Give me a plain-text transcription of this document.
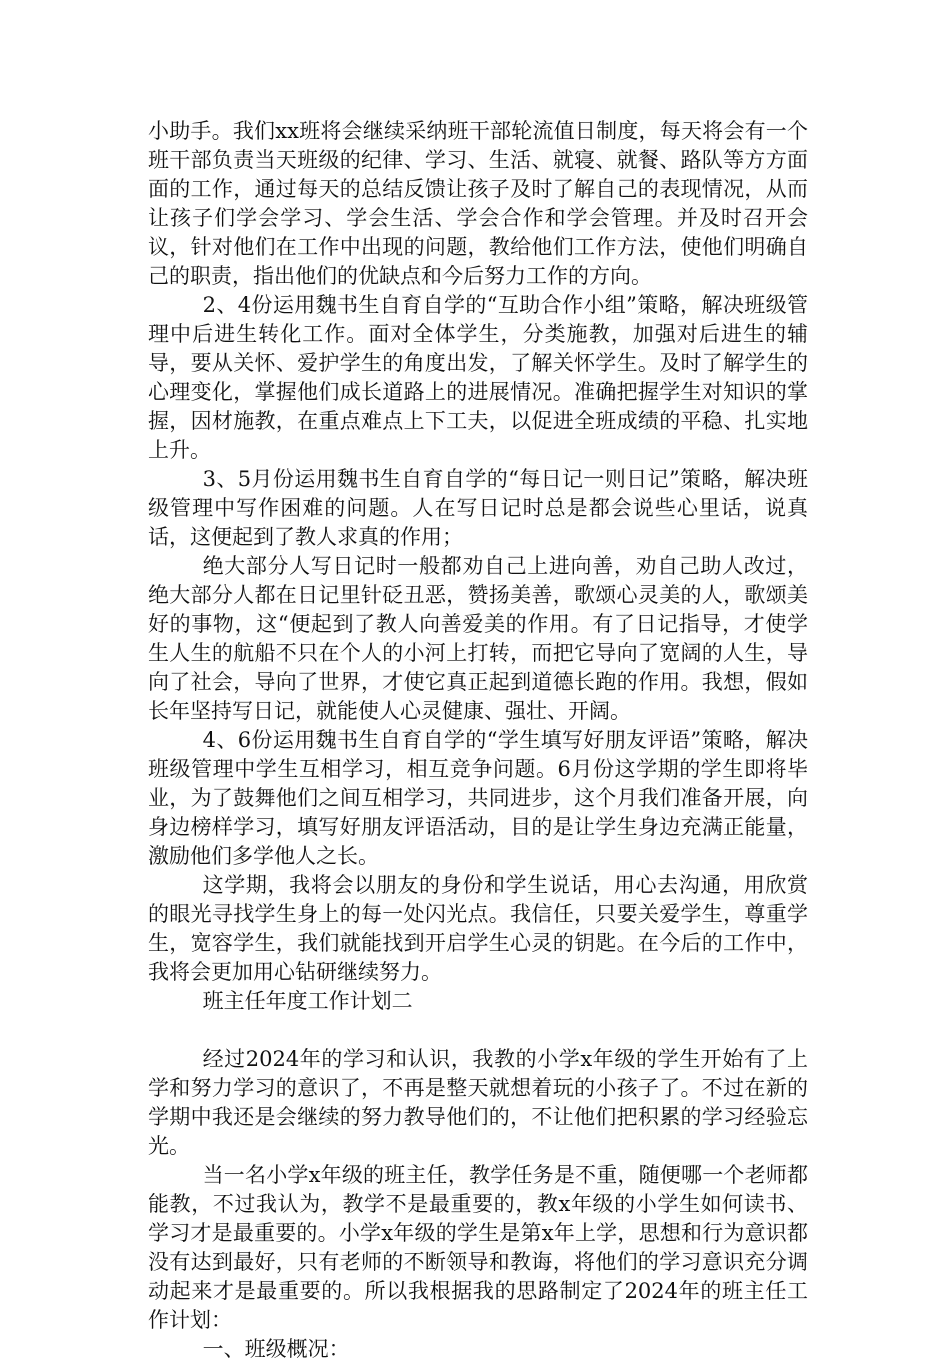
小助手。我们xx班将会继续采纳班干部轮流值日制度，每天将会有一个班干部负责当天班级的纪律、学习、生活、就寝、就餐、路队等方方面面的工作，通过每天的总结反馈让孩子及时了解自己的表现情况，从而让孩子们学会学习、学会生活、学会合作和学会管理。并及时召开会议，针对他们在工作中出现的问题，教给他们工作方法，使他们明确自己的职责，指出他们的优缺点和今后努力工作的方向。

2、4份运用魏书生自育自学的“互助合作小组”策略，解决班级管理中后进生转化工作。面对全体学生，分类施教，加强对后进生的辅导，要从关怀、爱护学生的角度出发，了解关怀学生。及时了解学生的心理变化，掌握他们成长道路上的进展情况。准确把握学生对知识的掌握，因材施教，在重点难点上下工夫，以促进全班成绩的平稳、扎实地上升。

3、5月份运用魏书生自育自学的“每日记一则日记”策略，解决班级管理中写作困难的问题。人在写日记时总是都会说些心里话，说真话，这便起到了教人求真的作用；

绝大部分人写日记时一般都劝自己上进向善，劝自己助人改过，绝大部分人都在日记里针砭丑恶，赞扬美善，歌颂心灵美的人，歌颂美好的事物，这“便起到了教人向善爱美的作用。有了日记指导，才使学生人生的航船不只在个人的小河上打转，而把它导向了宽阔的人生，导向了社会，导向了世界，才使它真正起到道德长跑的作用。我想，假如长年坚持写日记，就能使人心灵健康、强壮、开阔。

4、6份运用魏书生自育自学的“学生填写好朋友评语”策略，解决班级管理中学生互相学习，相互竞争问题。6月份这学期的学生即将毕业，为了鼓舞他们之间互相学习，共同进步，这个月我们准备开展，向身边榜样学习，填写好朋友评语活动，目的是让学生身边充满正能量，激励他们多学他人之长。

这学期，我将会以朋友的身份和学生说话，用心去沟通，用欣赏的眼光寻找学生身上的每一处闪光点。我信任，只要关爱学生，尊重学生，宽容学生，我们就能找到开启学生心灵的钥匙。在今后的工作中，我将会更加用心钻研继续努力。

班主任年度工作计划二

经过2024年的学习和认识，我教的小学x年级的学生开始有了上学和努力学习的意识了，不再是整天就想着玩的小孩子了。不过在新的学期中我还是会继续的努力教导他们的，不让他们把积累的学习经验忘光。

当一名小学x年级的班主任，教学任务是不重，随便哪一个老师都能教，不过我认为，教学不是最重要的，教x年级的小学生如何读书、学习才是最重要的。小学x年级的学生是第x年上学，思想和行为意识都没有达到最好，只有老师的不断领导和教诲，将他们的学习意识充分调动起来才是最重要的。所以我根据我的思路制定了2024年的班主任工作计划：

一、班级概况：
